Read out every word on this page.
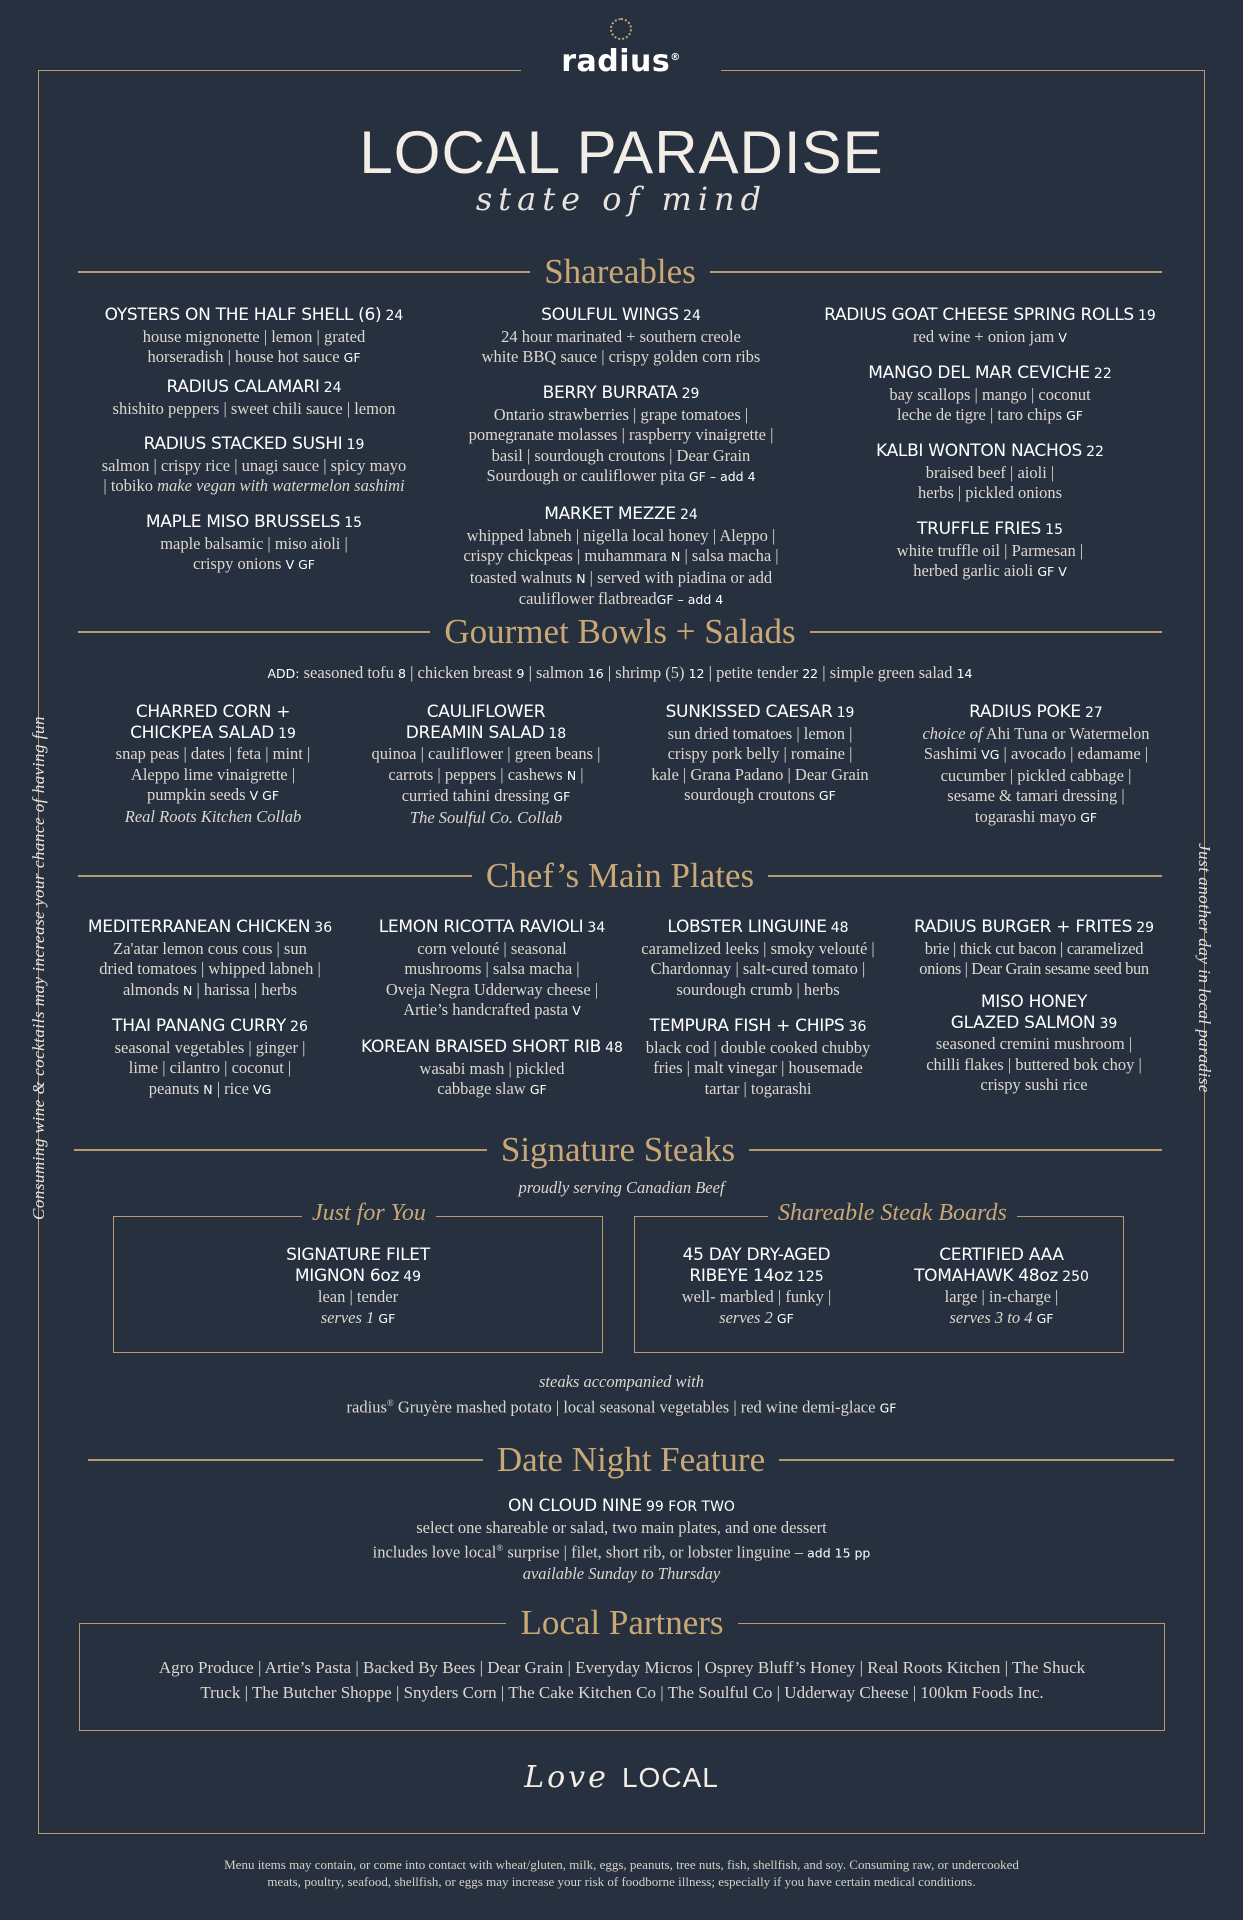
radius®
LOCAL PARADISE
state of mind
Consuming wine & cocktails may increase your chance of having fun	Just another day in local paradise
Shareables
OYSTERS ON THE HALF SHELL (6) 24
house mignonette | lemon | grated
horseradish | house hot sauce GF
RADIUS CALAMARI 24
shishito peppers | sweet chili sauce | lemon
RADIUS STACKED SUSHI 19
salmon | crispy rice | unagi sauce | spicy mayo
| tobiko make vegan with watermelon sashimi
MAPLE MISO BRUSSELS 15
maple balsamic | miso aioli |
crispy onions V GF
SOULFUL WINGS 24
24 hour marinated + southern creole
white BBQ sauce | crispy golden corn ribs
BERRY BURRATA 29
Ontario strawberries | grape tomatoes |
pomegranate molasses | raspberry vinaigrette |
basil | sourdough croutons | Dear Grain
Sourdough or cauliflower pita GF – add 4
MARKET MEZZE 24
whipped labneh | nigella local honey | Aleppo |
crispy chickpeas | muhammara N | salsa macha |
toasted walnuts N | served with piadina or add
cauliflower flatbreadGF – add 4
RADIUS GOAT CHEESE SPRING ROLLS 19
red wine + onion jam V
MANGO DEL MAR CEVICHE 22
bay scallops | mango | coconut
leche de tigre | taro chips GF
KALBI WONTON NACHOS 22
braised beef | aioli |
herbs | pickled onions
TRUFFLE FRIES 15
white truffle oil | Parmesan |
herbed garlic aioli GF V
Gourmet Bowls + Salads
ADD: seasoned tofu 8 | chicken breast 9 | salmon 16 | shrimp (5) 12 | petite tender 22 | simple green salad 14
CHARRED CORN +
CHICKPEA SALAD 19
snap peas | dates | feta | mint |
Aleppo lime vinaigrette |
pumpkin seeds V GF
Real Roots Kitchen Collab
CAULIFLOWER
DREAMIN SALAD 18
quinoa | cauliflower | green beans |
carrots | peppers | cashews N |
curried tahini dressing GF
The Soulful Co. Collab
SUNKISSED CAESAR 19
sun dried tomatoes | lemon |
crispy pork belly | romaine |
kale | Grana Padano | Dear Grain
sourdough croutons GF
RADIUS POKE 27
choice of Ahi Tuna or Watermelon
Sashimi VG | avocado | edamame |
cucumber | pickled cabbage |
sesame & tamari dressing |
togarashi mayo GF
Chef’s Main Plates
MEDITERRANEAN CHICKEN 36
Za'atar lemon cous cous | sun
dried tomatoes | whipped labneh |
almonds N | harissa | herbs
THAI PANANG CURRY 26
seasonal vegetables | ginger |
lime | cilantro | coconut |
peanuts N | rice VG
LEMON RICOTTA RAVIOLI 34
corn velouté | seasonal
mushrooms | salsa macha |
Oveja Negra Udderway cheese |
Artie’s handcrafted pasta V
KOREAN BRAISED SHORT RIB 48
wasabi mash | pickled
cabbage slaw GF
LOBSTER LINGUINE 48
caramelized leeks | smoky velouté |
Chardonnay | salt-cured tomato |
sourdough crumb | herbs
TEMPURA FISH + CHIPS 36
black cod | double cooked chubby
fries | malt vinegar | housemade
tartar | togarashi
RADIUS BURGER + FRITES 29
brie | thick cut bacon | caramelized
onions | Dear Grain sesame seed bun
MISO HONEY
GLAZED SALMON 39
seasoned cremini mushroom |
chilli flakes | buttered bok choy |
crispy sushi rice
Signature Steaks
proudly serving Canadian Beef
Just for You
SIGNATURE FILET
MIGNON 6oz 49
lean | tender
serves 1 GF
Shareable Steak Boards
45 DAY DRY-AGED
RIBEYE 14oz 125
well- marbled | funky |
serves 2 GF
CERTIFIED AAA
TOMAHAWK 48oz 250
large | in-charge |
serves 3 to 4 GF
steaks accompanied with
radius® Gruyère mashed potato | local seasonal vegetables | red wine demi-glace GF
Date Night Feature
ON CLOUD NINE 99 FOR TWO
select one shareable or salad, two main plates, and one dessert
includes love local® surprise | filet, short rib, or lobster linguine – add 15 pp
available Sunday to Thursday
Local Partners
Agro Produce | Artie’s Pasta | Backed By Bees | Dear Grain | Everyday Micros | Osprey Bluff’s Honey | Real Roots Kitchen | The Shuck
Truck | The Butcher Shoppe | Snyders Corn | The Cake Kitchen Co | The Soulful Co | Udderway Cheese | 100km Foods Inc.
Love LOCAL
Menu items may contain, or come into contact with wheat/gluten, milk, eggs, peanuts, tree nuts, fish, shellfish, and soy. Consuming raw, or undercooked
meats, poultry, seafood, shellfish, or eggs may increase your risk of foodborne illness; especially if you have certain medical conditions.
